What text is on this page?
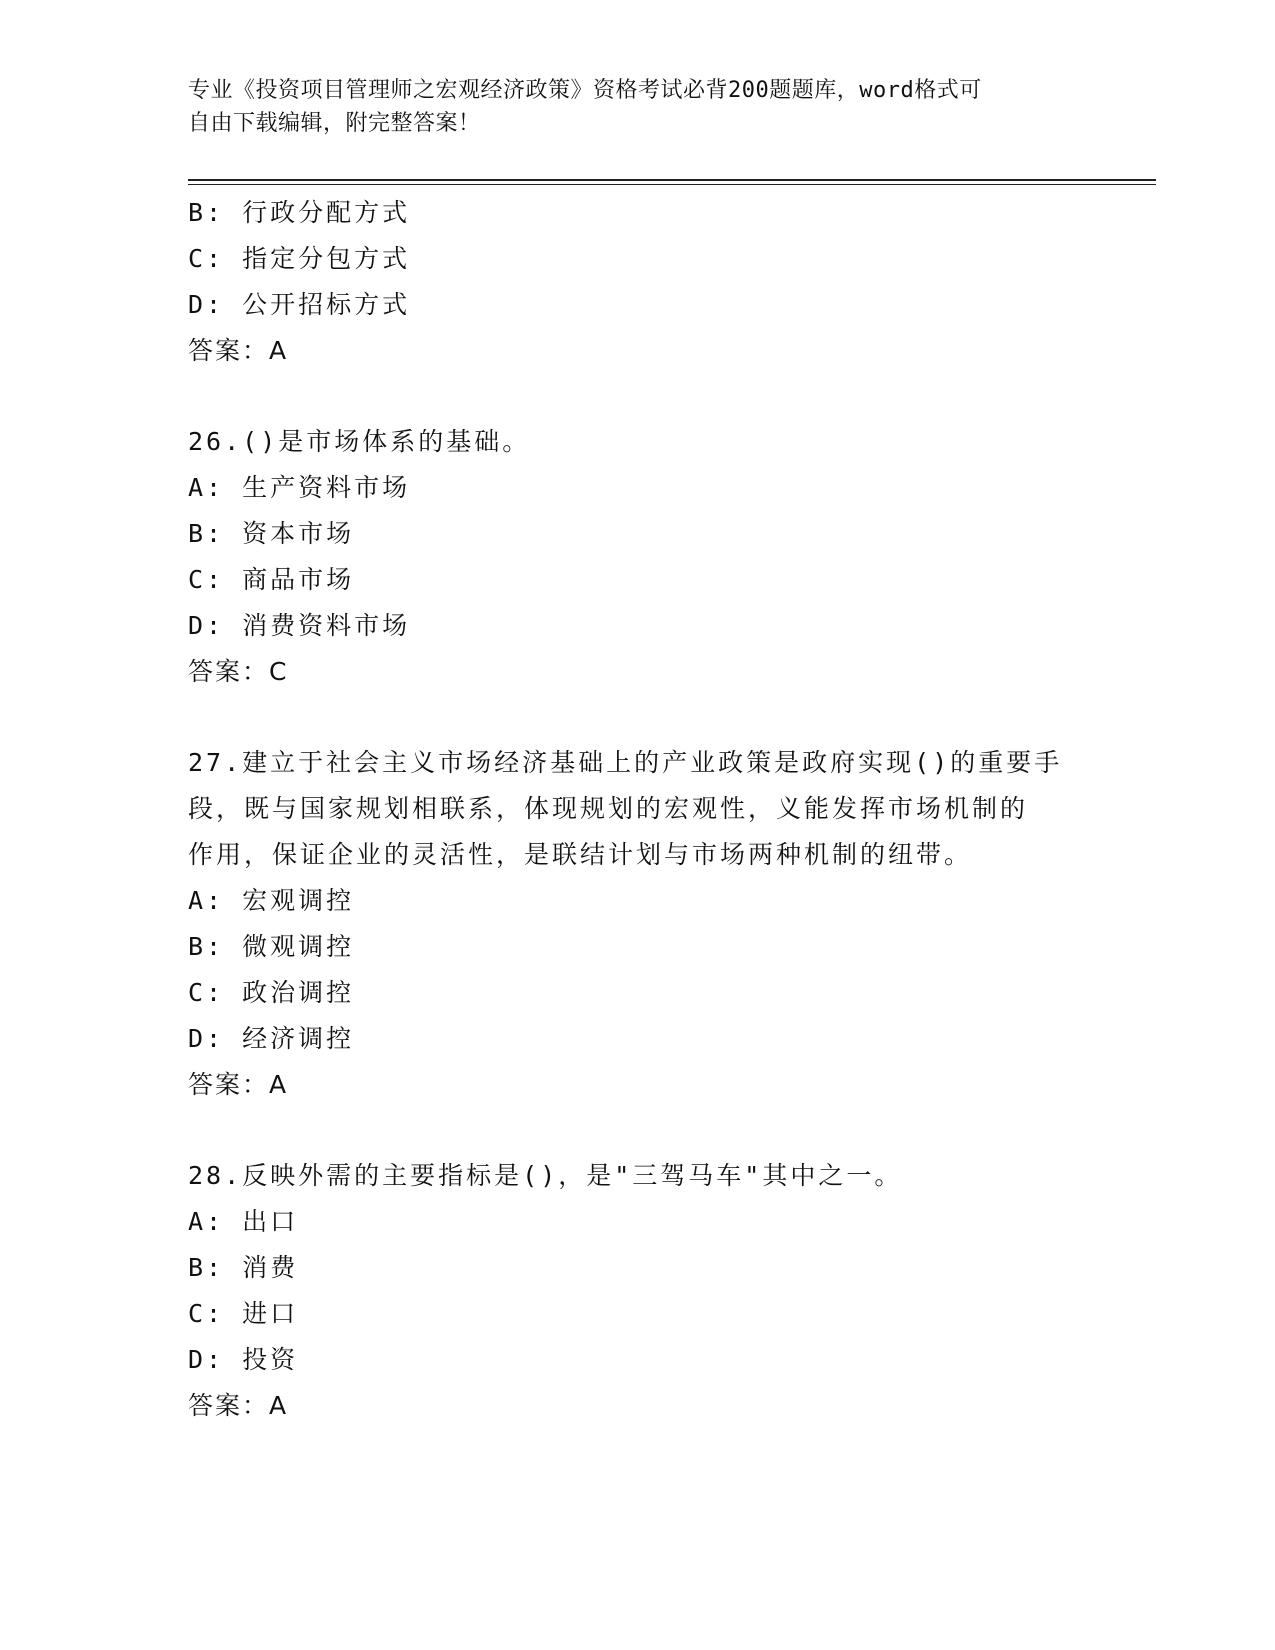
专业《投资项目管理师之宏观经济政策》资格考试必背200题题库，word格式可
自由下载编辑，附完整答案！
B: 行政分配方式
C: 指定分包方式
D: 公开招标方式
答案：A
26.()是市场体系的基础。
A: 生产资料市场
B: 资本市场
C: 商品市场
D: 消费资料市场
答案：C
27.建立于社会主义市场经济基础上的产业政策是政府实现()的重要手
段，既与国家规划相联系，体现规划的宏观性，义能发挥市场机制的
作用，保证企业的灵活性，是联结计划与市场两种机制的纽带。
A: 宏观调控
B: 微观调控
C: 政治调控
D: 经济调控
答案：A
28.反映外需的主要指标是()，是"三驾马车"其中之一。
A: 出口
B: 消费
C: 进口
D: 投资
答案：A
